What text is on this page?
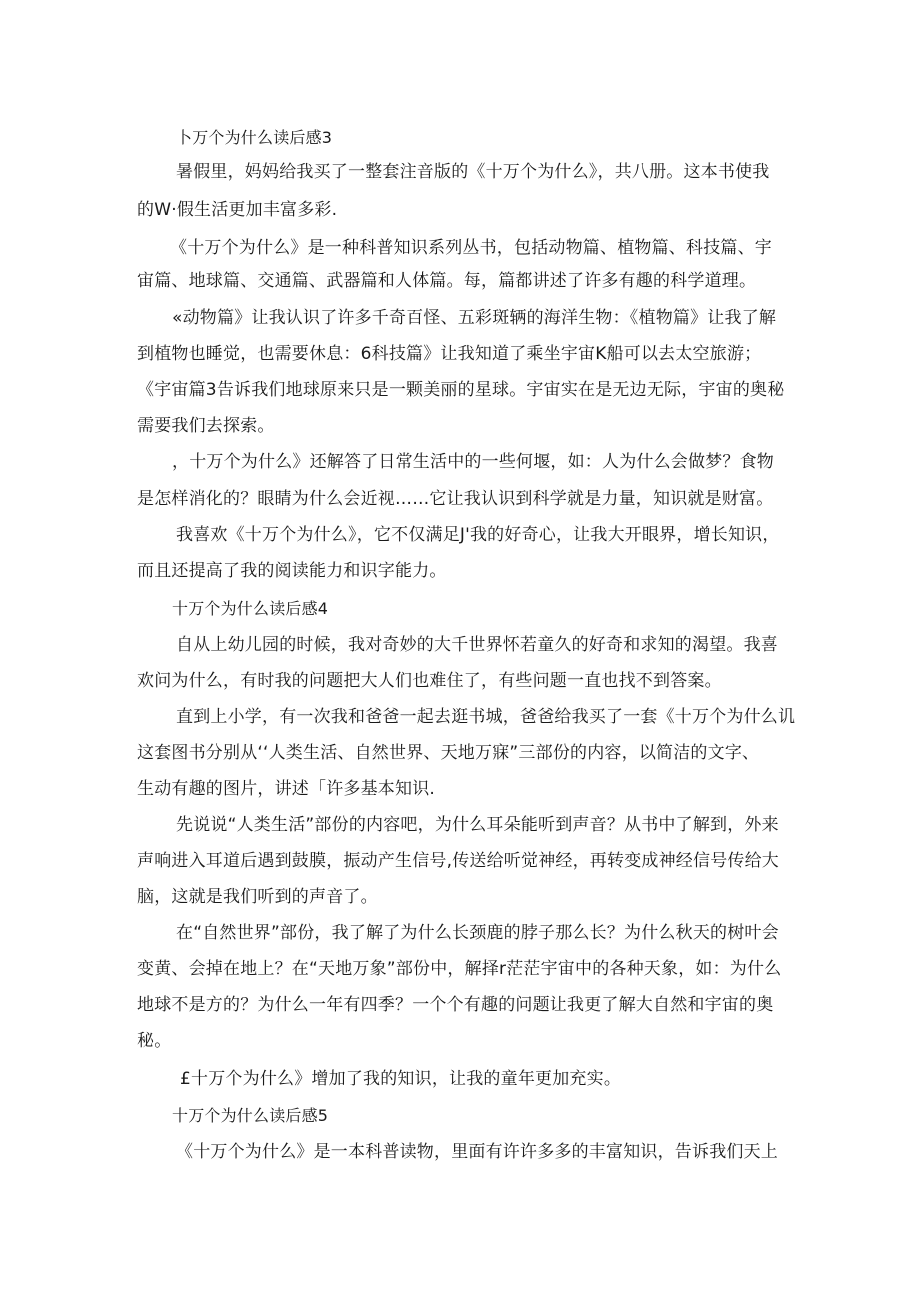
卜万个为什么读后感3
暑假里，妈妈给我买了一整套注音版的《十万个为什么》，共八册。这本书使我
的W·假生活更加丰富多彩.
《十万个为什么》是一种科普知识系列丛书，包括动物篇、植物篇、科技篇、宇
宙篇、地球篇、交通篇、武器篇和人体篇。每，篇都讲述了许多有趣的科学道理。
«动物篇》让我认识了许多千奇百怪、五彩斑辆的海洋生物：《植物篇》让我了解
到植物也睡觉，也需要休息：6科技篇》让我知道了乘坐宇宙K船可以去太空旅游；
《宇宙篇3告诉我们地球原来只是一颗美丽的星球。宇宙实在是无边无际，宇宙的奥秘
需要我们去探索。
，十万个为什么》还解答了日常生活中的一些何堰，如：人为什么会做梦？食物
是怎样消化的？眼睛为什么会近视……它让我认识到科学就是力量，知识就是财富。
我喜欢《十万个为什么》，它不仅满足J'我的好奇心，让我大开眼界，增长知识，
而且还提高了我的阅读能力和识字能力。
十万个为什么读后感4
自从上幼儿园的时候，我对奇妙的大千世界怀若童久的好奇和求知的渴望。我喜
欢问为什么，有时我的问题把大人们也难住了，有些问题一直也找不到答案。
直到上小学，有一次我和爸爸一起去逛书城，爸爸给我买了一套《十万个为什么讥
这套图书分别从‘‘人类生活、自然世界、天地万寐”三部份的内容，以简洁的文字、
生动有趣的图片，讲述「许多基本知识.
先说说“人类生活”部份的内容吧，为什么耳朵能听到声音？从书中了解到，外来
声响进入耳道后遇到鼓膜，振动产生信号,传送给听觉神经，再转变成神经信号传给大
脑，这就是我们听到的声音了。
在“自然世界”部份，我了解了为什么长颈鹿的脖子那么长？为什么秋天的树叶会
变黄、会掉在地上？在“天地万象”部份中，解择r茫茫宇宙中的各种天象，如：为什么
地球不是方的？为什么一年有四季？一个个有趣的问题让我更了解大自然和宇宙的奥
秘。
£十万个为什么》增加了我的知识，让我的童年更加充实。
十万个为什么读后感5
《十万个为什么》是一本科普读物，里面有许许多多的丰富知识，告诉我们天上
